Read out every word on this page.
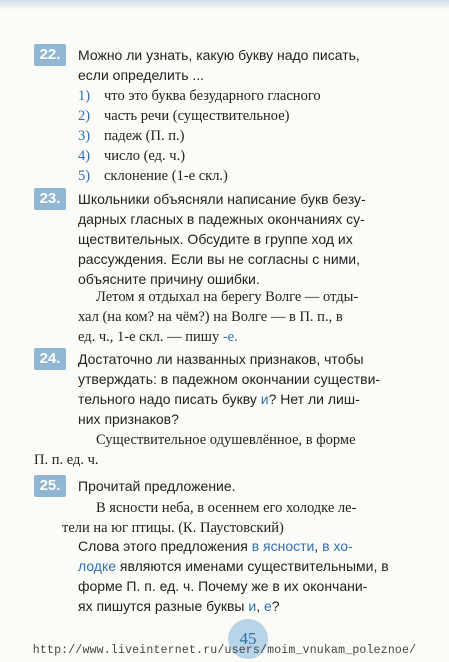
22.	Можно ли узнать, какую букву надо писать,
если определить ...
1) что это буква безударного гласного
2) часть речи (существительное)
3) падеж (П. п.)
4) число (ед. ч.)
5) склонение (1-е скл.)
23.	Школьники объясняли написание букв безу-
дарных гласных в падежных окончаниях су-
ществительных. Обсудите в группе ход их
рассуждения. Если вы не согласны с ними,
объясните причину ошибки.
Летом я отдыхал на берегу Волге — отды-
хал (на ком? на чём?) на Волге — в П. п., в
ед. ч., 1-е скл. — пишу -е.
24.	Достаточно ли названных признаков, чтобы
утверждать: в падежном окончании существи-
тельного надо писать букву и? Нет ли лиш-
них признаков?
Существительное одушевлённое, в форме
П. п. ед. ч.
25.	Прочитай предложение.
В ясности неба, в осеннем его холодке ле-
тели на юг птицы. (К. Паустовский)
Слова этого предложения в ясности, в хо-
лодке являются именами существительными, в
форме П. п. ед. ч. Почему же в их окончани-
ях пишутся разные буквы и, е?
45
http://www.liveinternet.ru/users/moim_vnukam_poleznoe/
